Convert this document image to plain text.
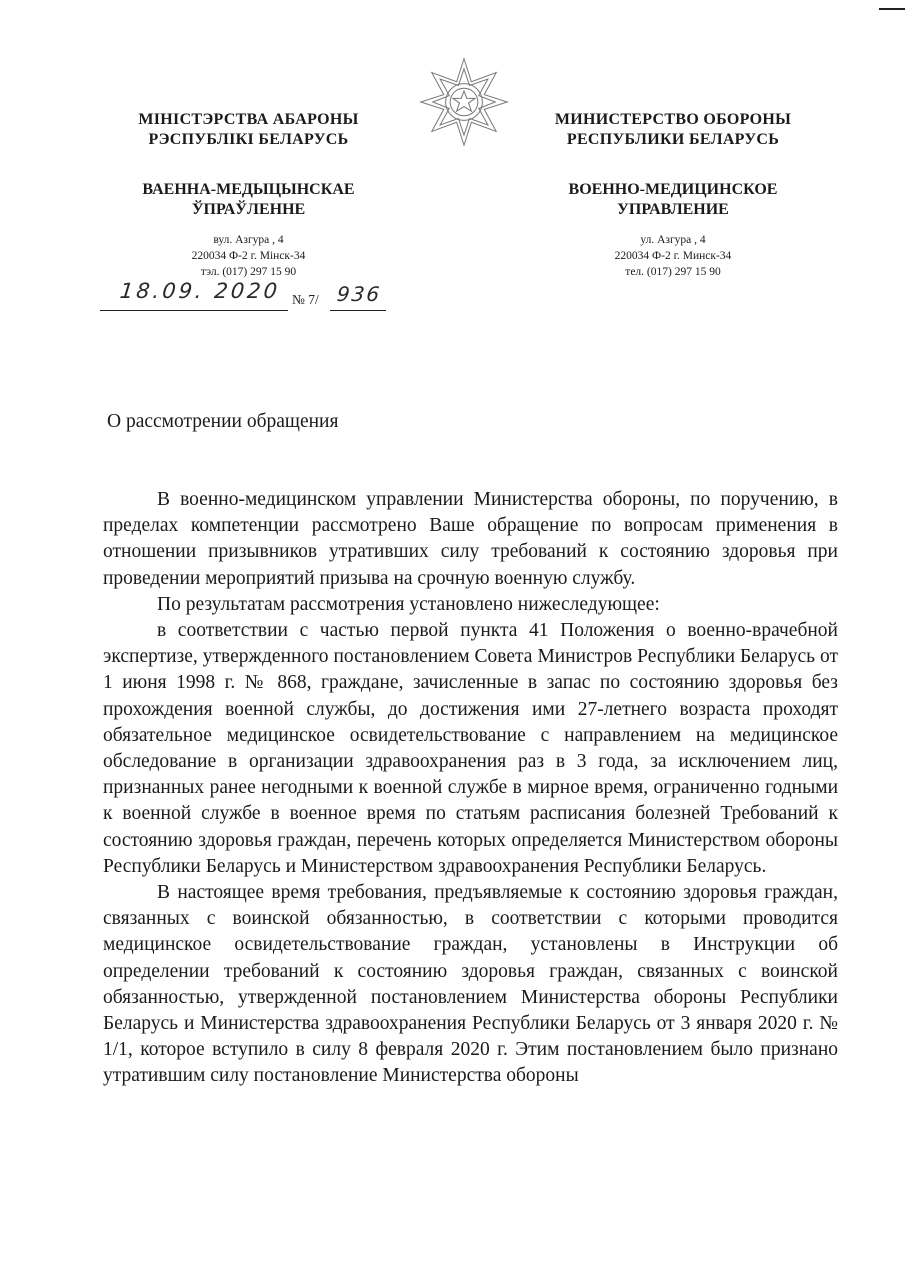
МІНІСТЭРСТВА АБАРОНЫ
РЭСПУБЛІКІ БЕЛАРУСЬ
ВАЕННА-МЕДЫЦЫНСКАЕ
ЎПРАЎЛЕННЕ
вул. Азгура , 4
220034 Ф-2 г. Мінск-34
тэл. (017) 297 15 90
МИНИСТЕРСТВО ОБОРОНЫ
РЕСПУБЛИКИ БЕЛАРУСЬ
ВОЕННО-МЕДИЦИНСКОЕ
УПРАВЛЕНИЕ
ул. Азгура , 4
220034 Ф-2 г. Минск-34
тел. (017) 297 15 90
18.09. 2020 № 7/ 936
О рассмотрении обращения

В военно-медицинском управлении Министерства обороны, по поручению, в пределах компетенции рассмотрено Ваше обращение по вопросам применения в отношении призывников утративших силу требований к состоянию здоровья при проведении мероприятий призыва на срочную военную службу.

По результатам рассмотрения установлено нижеследующее:

в соответствии с частью первой пункта 41 Положения о военно-врачебной экспертизе, утвержденного постановлением Совета Министров Республики Беларусь от 1 июня 1998 г. № 868, граждане, зачисленные в запас по состоянию здоровья без прохождения военной службы, до достижения ими 27-летнего возраста проходят обязательное медицинское освидетельствование с направлением на медицинское обследование в организации здравоохранения раз в 3 года, за исключением лиц, признанных ранее негодными к военной службе в мирное время, ограниченно годными к военной службе в военное время по статьям расписания болезней Требований к состоянию здоровья граждан, перечень которых определяется Министерством обороны Республики Беларусь и Министерством здравоохранения Республики Беларусь.

В настоящее время требования, предъявляемые к состоянию здоровья граждан, связанных с воинской обязанностью, в соответствии с которыми проводится медицинское освидетельствование граждан, установлены в Инструкции об определении требований к состоянию здоровья граждан, связанных с воинской обязанностью, утвержденной постановлением Министерства обороны Республики Беларусь и Министерства здравоохранения Республики Беларусь от 3 января 2020 г. № 1/1, которое вступило в силу 8 февраля 2020 г. Этим постановлением было признано утратившим силу постановление Министерства обороны
